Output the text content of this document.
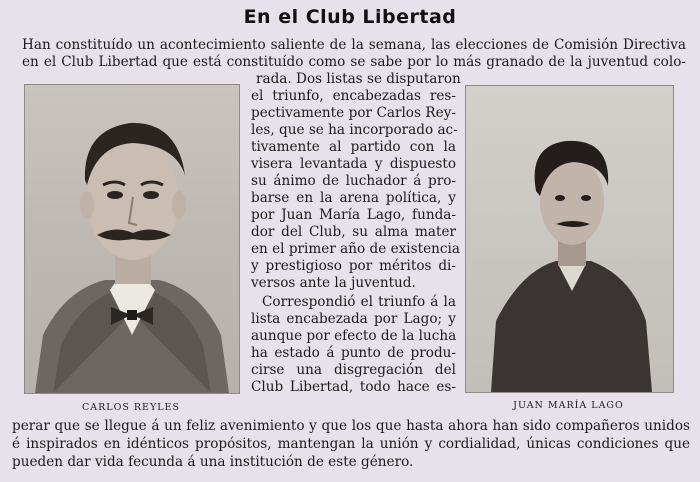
En el Club Libertad
Han constituído un acontecimiento saliente de la semana, las elecciones de Comisión Directiva
en el Club Libertad que está constituído como se sabe por lo más granado de la juventud colo-
CARLOS REYLES	JUAN MARÍA LAGO
rada. Dos listas se disputaron
el triunfo, encabezadas res-
pectivamente por Carlos Rey-
les, que se ha incorporado ac-
tivamente al partido con la
visera levantada y dispuesto
su ánimo de luchador á pro-
barse en la arena política, y
por Juan María Lago, funda-
dor del Club, su alma mater
en el primer año de existencia
y prestigioso por méritos di-
versos ante la juventud.
Correspondió el triunfo á la
lista encabezada por Lago; y
aunque por efecto de la lucha
ha estado á punto de produ-
cirse una disgregación del
Club Libertad, todo hace es-
perar que se llegue á un feliz avenimiento y que los que hasta ahora han sido compañeros unidos
é inspirados en idénticos propósitos, mantengan la unión y cordialidad, únicas condiciones que
pueden dar vida fecunda á una institución de este género.
